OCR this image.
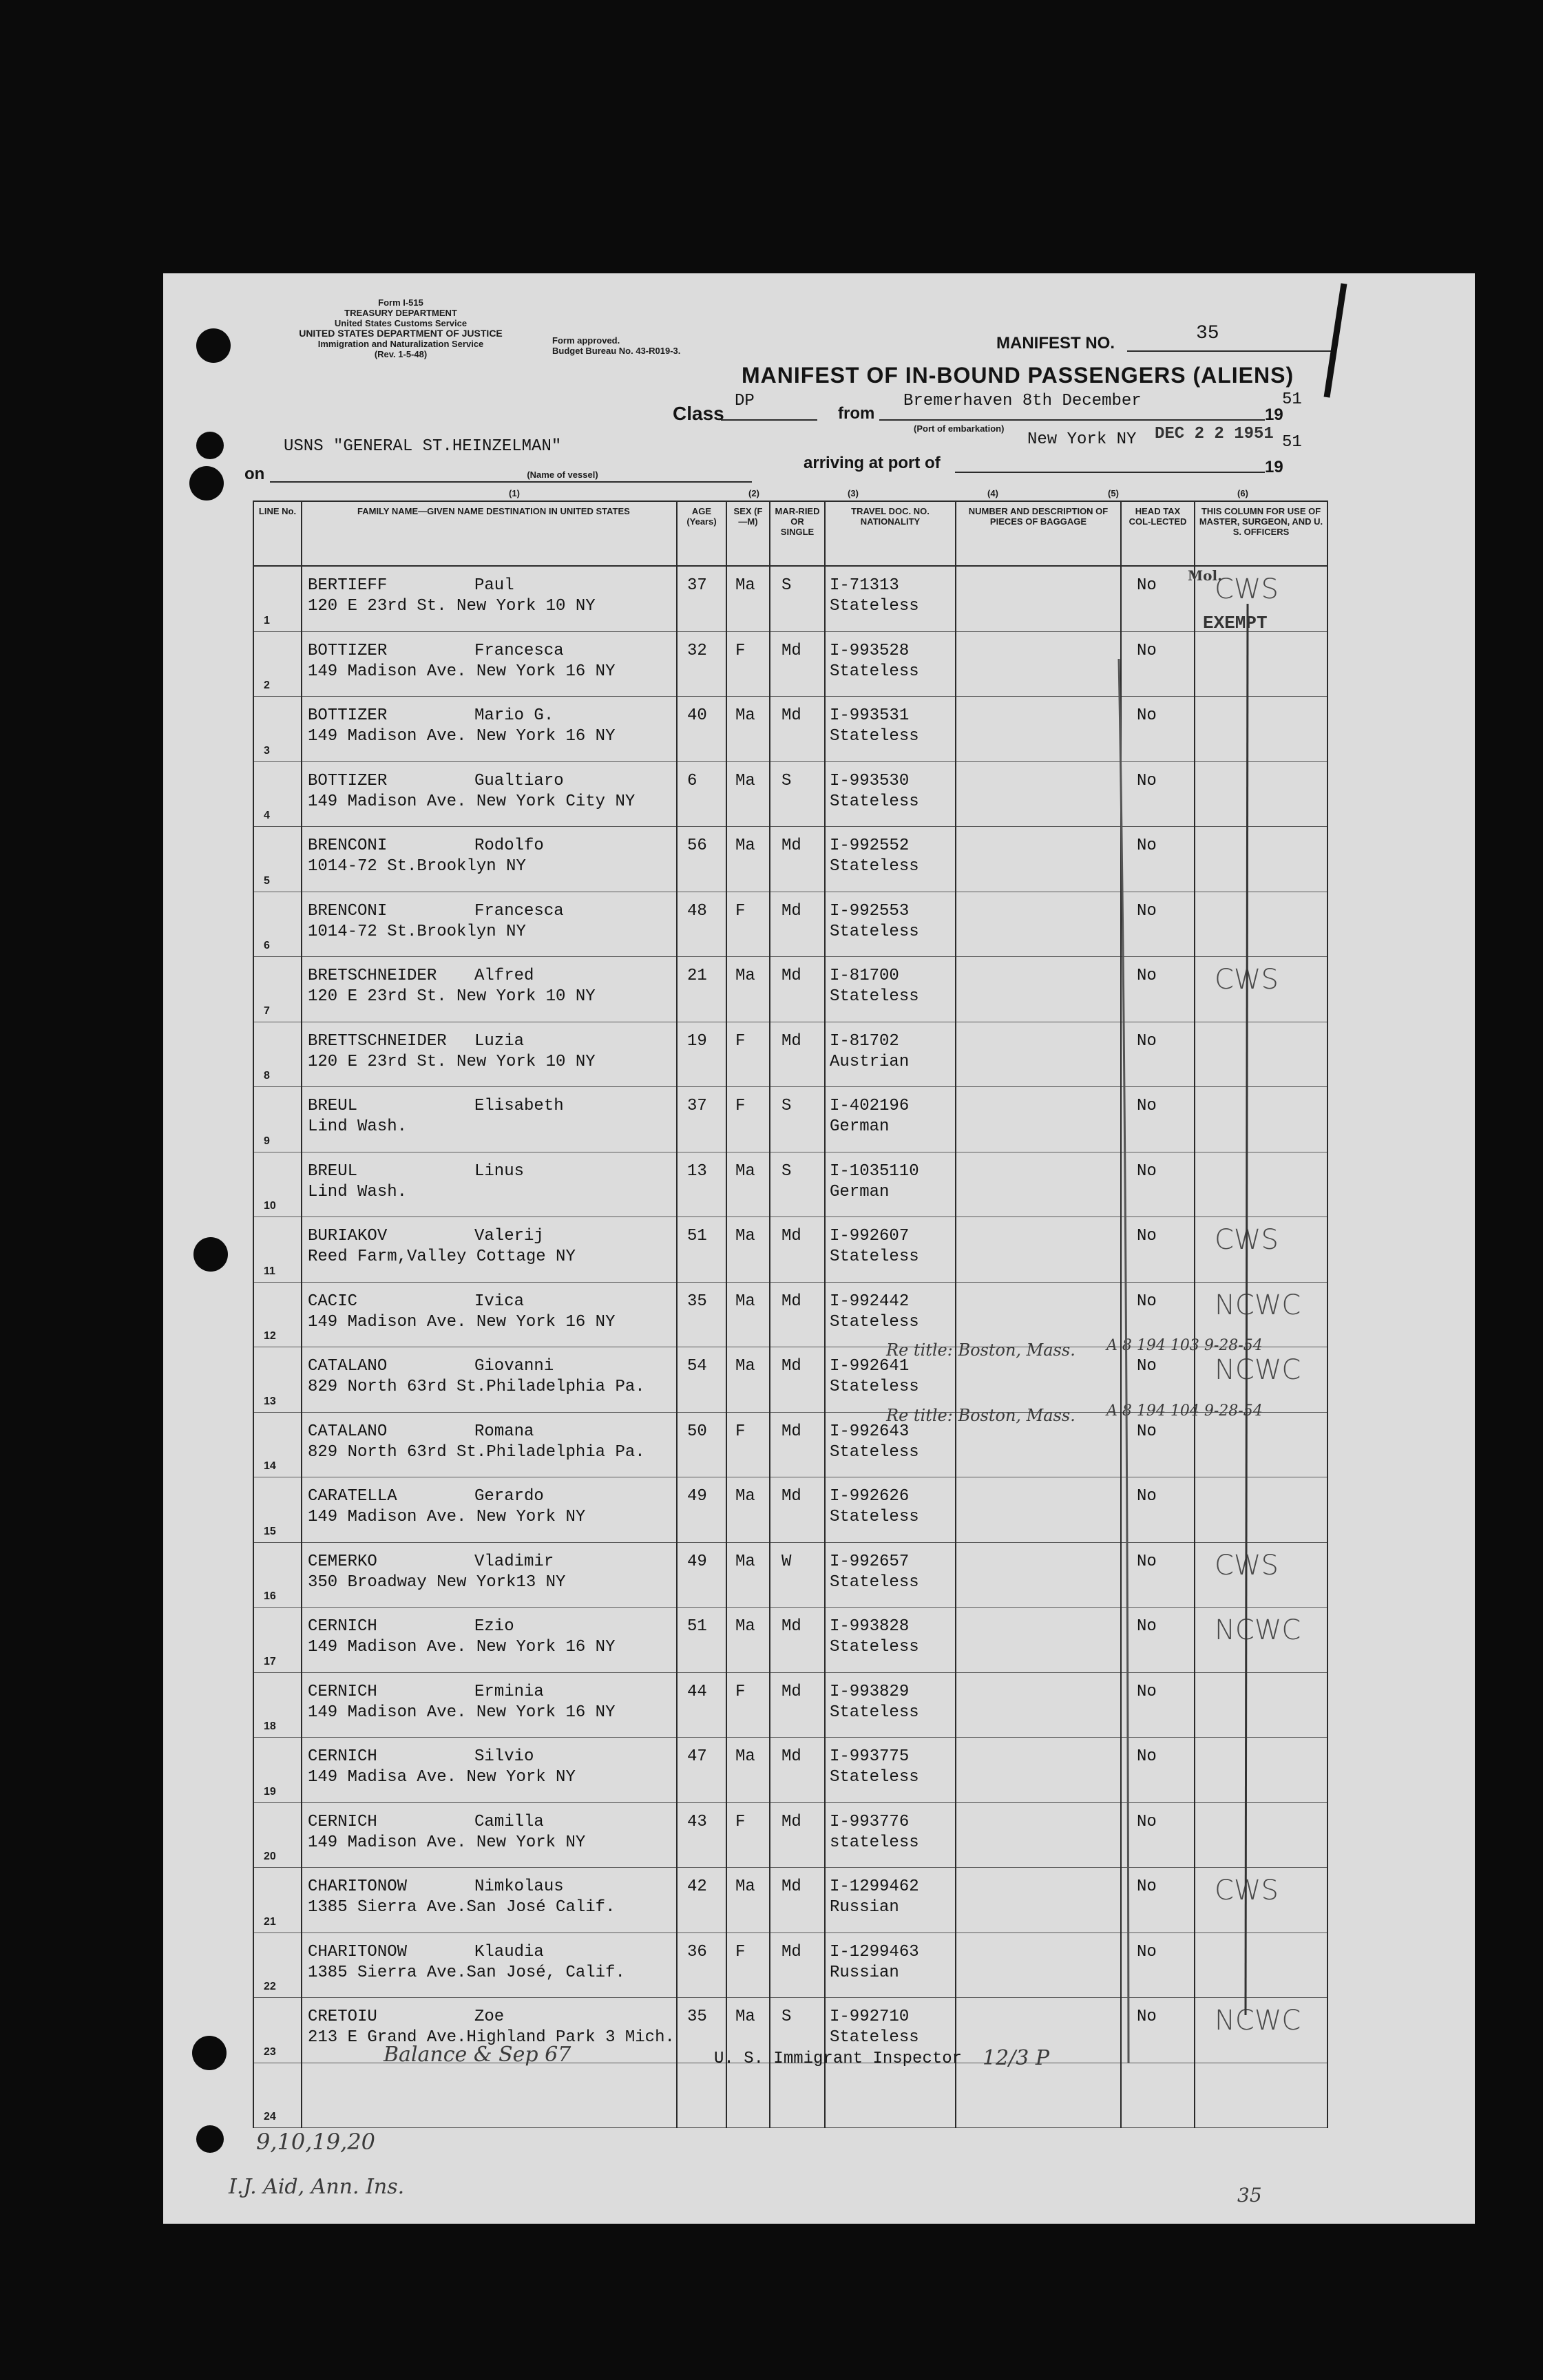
Form I-515
TREASURY DEPARTMENT
United States Customs Service
UNITED STATES DEPARTMENT OF JUSTICE
Immigration and Naturalization Service
(Rev. 1-5-48)
Form approved.
Budget Bureau No. 43-R019-3.	MANIFEST NO.	35
MANIFEST OF IN-BOUND PASSENGERS (ALIENS)
Class
DP
from
Bremerhaven 8th December
19
51
(Port of embarkation)
on
USNS "GENERAL ST.HEINZELMAN"
(Name of vessel)
arriving at port of
New York NY DEC 2 2 1951
19
51
(1)	(2)	(3)	(4)	(5)	(6)
LINE No.	FAMILY NAME—GIVEN NAME DESTINATION IN UNITED STATES	AGE (Years)	SEX (F—M)	MAR-RIED OR SINGLE	TRAVEL DOC. NO. NATIONALITY	NUMBER AND DESCRIPTION OF PIECES OF BAGGAGE	HEAD TAX COL-LECTED	THIS COLUMN FOR USE OF MASTER, SURGEON, AND U. S. OFFICERS

1	BERTIEFF Paul
120 E 23rd St. New York 10 NY	37	Ma	S	I-71313
Stateless		No	CWS

2	BOTTIZER Francesca
149 Madison Ave. New York 16 NY	32	F	Md	I-993528
Stateless		No	

3	BOTTIZER Mario G.
149 Madison Ave. New York 16 NY	40	Ma	Md	I-993531
Stateless		No	

4	BOTTIZER Gualtiaro
149 Madison Ave. New York City NY	6	Ma	S	I-993530
Stateless		No	

5	BRENCONI Rodolfo
1014-72 St.Brooklyn NY	56	Ma	Md	I-992552
Stateless		No	

6	BRENCONI Francesca
1014-72 St.Brooklyn NY	48	F	Md	I-992553
Stateless		No	

7	BRETSCHNEIDER Alfred
120 E 23rd St. New York 10 NY	21	Ma	Md	I-81700
Stateless		No	CWS

8	BRETTSCHNEIDER Luzia
120 E 23rd St. New York 10 NY	19	F	Md	I-81702
Austrian		No	

9	BREUL Elisabeth
Lind Wash.	37	F	S	I-402196
German		No	

10	BREUL Linus
Lind Wash.	13	Ma	S	I-1035110
German		No	

11	BURIAKOV Valerij
Reed Farm,Valley Cottage NY	51	Ma	Md	I-992607
Stateless		No	CWS

12	CACIC Ivica
149 Madison Ave. New York 16 NY	35	Ma	Md	I-992442
Stateless		No	NCWC

13	CATALANO Giovanni
829 North 63rd St.Philadelphia Pa.	54	Ma	Md	I-992641
Stateless		No	NCWC

14	CATALANO Romana
829 North 63rd St.Philadelphia Pa.	50	F	Md	I-992643
Stateless		No	

15	CARATELLA Gerardo
149 Madison Ave. New York NY	49	Ma	Md	I-992626
Stateless		No	

16	CEMERKO Vladimir
350 Broadway New York13 NY	49	Ma	W	I-992657
Stateless		No	CWS

17	CERNICH Ezio
149 Madison Ave. New York 16 NY	51	Ma	Md	I-993828
Stateless		No	NCWC

18	CERNICH Erminia
149 Madison Ave. New York 16 NY	44	F	Md	I-993829
Stateless		No	

19	CERNICH Silvio
149 Madisa Ave. New York NY	47	Ma	Md	I-993775
Stateless		No	

20	CERNICH Camilla
149 Madison Ave. New York NY	43	F	Md	I-993776
stateless		No	

21	CHARITONOW Nimkolaus
1385 Sierra Ave.San José Calif.	42	Ma	Md	I-1299462
Russian		No	CWS

22	CHARITONOW Klaudia
1385 Sierra Ave.San José, Calif.	36	F	Md	I-1299463
Russian		No	

23	CRETOIU Zoe
213 E Grand Ave.Highland Park 3 Mich.	35	Ma	S	I-992710
Stateless		No	NCWC

24								

Mol.
EXEMPT
Re title: Boston, Mass.
Re title: Boston, Mass.
A 8 194 103 9-28-54
A 8 194 104 9-28-54
Balance & Sep 67	U. S. Immigrant Inspector 12/3 P
9,10,19,20
I.J. Aid, Ann. Ins.	35
